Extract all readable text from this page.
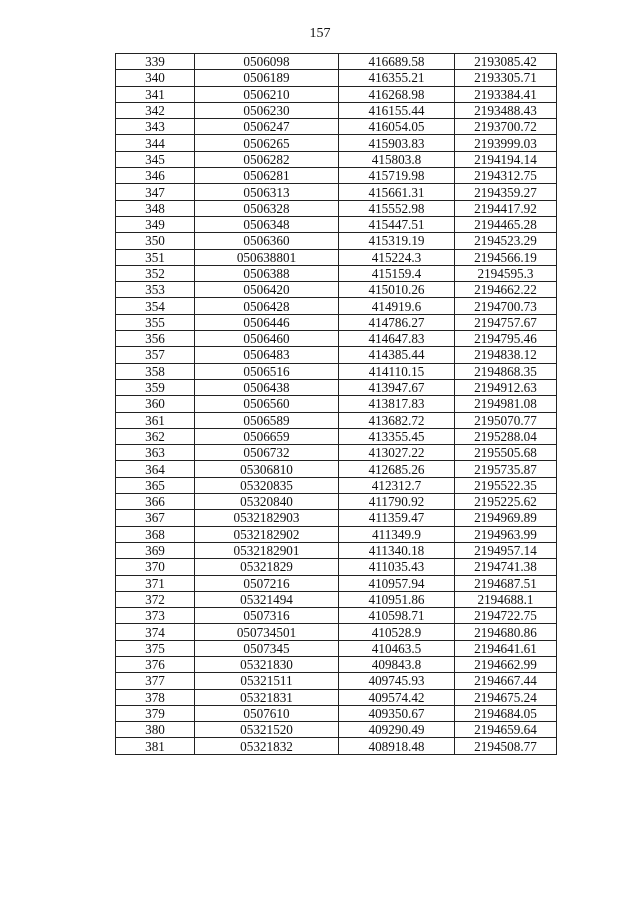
157
339	0506098	416689.58	2193085.42
340	0506189	416355.21	2193305.71
341	0506210	416268.98	2193384.41
342	0506230	416155.44	2193488.43
343	0506247	416054.05	2193700.72
344	0506265	415903.83	2193999.03
345	0506282	415803.8	2194194.14
346	0506281	415719.98	2194312.75
347	0506313	415661.31	2194359.27
348	0506328	415552.98	2194417.92
349	0506348	415447.51	2194465.28
350	0506360	415319.19	2194523.29
351	050638801	415224.3	2194566.19
352	0506388	415159.4	2194595.3
353	0506420	415010.26	2194662.22
354	0506428	414919.6	2194700.73
355	0506446	414786.27	2194757.67
356	0506460	414647.83	2194795.46
357	0506483	414385.44	2194838.12
358	0506516	414110.15	2194868.35
359	0506438	413947.67	2194912.63
360	0506560	413817.83	2194981.08
361	0506589	413682.72	2195070.77
362	0506659	413355.45	2195288.04
363	0506732	413027.22	2195505.68
364	05306810	412685.26	2195735.87
365	05320835	412312.7	2195522.35
366	05320840	411790.92	2195225.62
367	0532182903	411359.47	2194969.89
368	0532182902	411349.9	2194963.99
369	0532182901	411340.18	2194957.14
370	05321829	411035.43	2194741.38
371	0507216	410957.94	2194687.51
372	05321494	410951.86	2194688.1
373	0507316	410598.71	2194722.75
374	050734501	410528.9	2194680.86
375	0507345	410463.5	2194641.61
376	05321830	409843.8	2194662.99
377	05321511	409745.93	2194667.44
378	05321831	409574.42	2194675.24
379	0507610	409350.67	2194684.05
380	05321520	409290.49	2194659.64
381	05321832	408918.48	2194508.77
